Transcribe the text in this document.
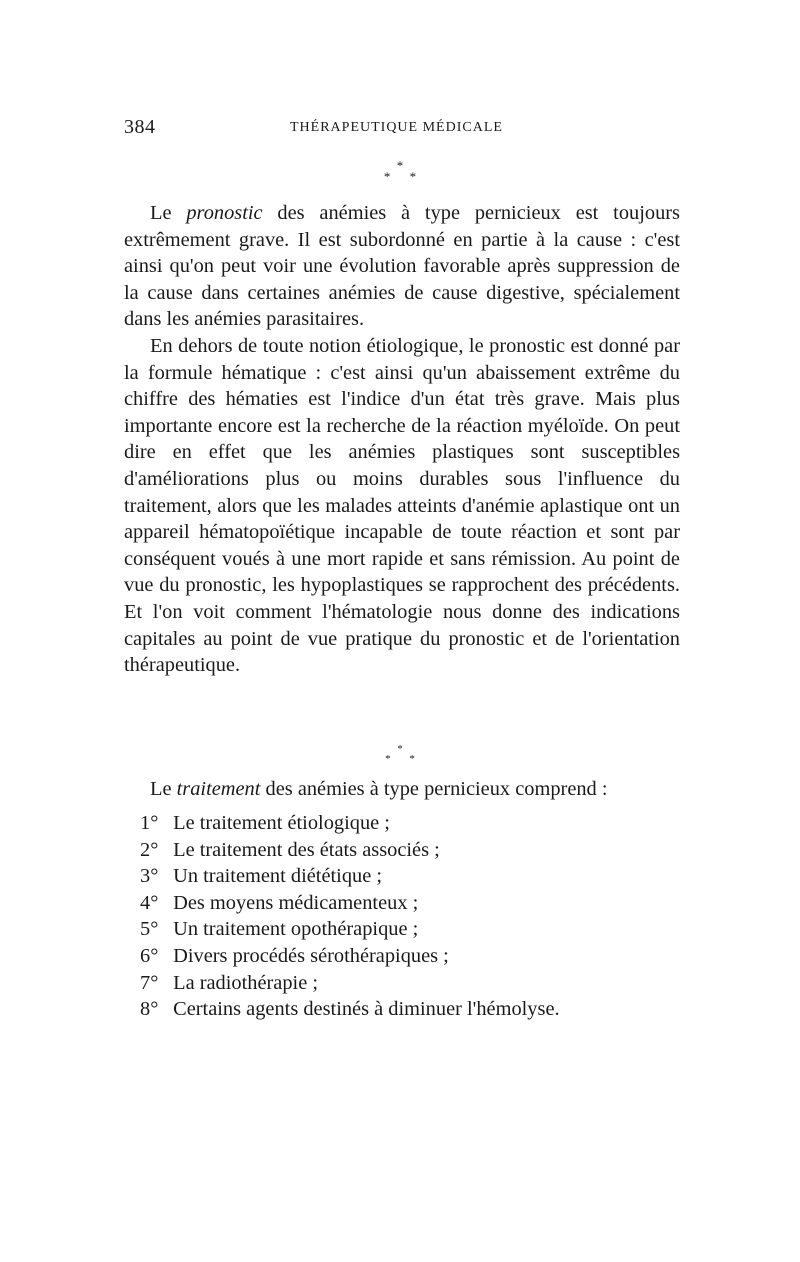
384	THÉRAPEUTIQUE MÉDICALE
*
* *

Le pronostic des anémies à type pernicieux est toujours extrêmement grave. Il est subordonné en partie à la cause : c'est ainsi qu'on peut voir une évolution favorable après suppression de la cause dans certaines anémies de cause digestive, spécialement dans les anémies parasitaires.

En dehors de toute notion étiologique, le pronostic est donné par la formule hématique : c'est ainsi qu'un abaissement extrême du chiffre des hématies est l'indice d'un état très grave. Mais plus importante encore est la recherche de la réaction myéloïde. On peut dire en effet que les anémies plastiques sont susceptibles d'améliorations plus ou moins durables sous l'influence du traitement, alors que les malades atteints d'anémie aplastique ont un appareil hématopoïétique incapable de toute réaction et sont par conséquent voués à une mort rapide et sans rémission. Au point de vue du pronostic, les hypoplastiques se rapprochent des précédents. Et l'on voit comment l'hématologie nous donne des indications capitales au point de vue pratique du pronostic et de l'orientation thérapeutique.

*
* *
Le traitement des anémies à type pernicieux comprend :
1° Le traitement étiologique ;
2° Le traitement des états associés ;
3° Un traitement diététique ;
4° Des moyens médicamenteux ;
5° Un traitement opothérapique ;
6° Divers procédés sérothérapiques ;
7° La radiothérapie ;
8° Certains agents destinés à diminuer l'hémolyse.
